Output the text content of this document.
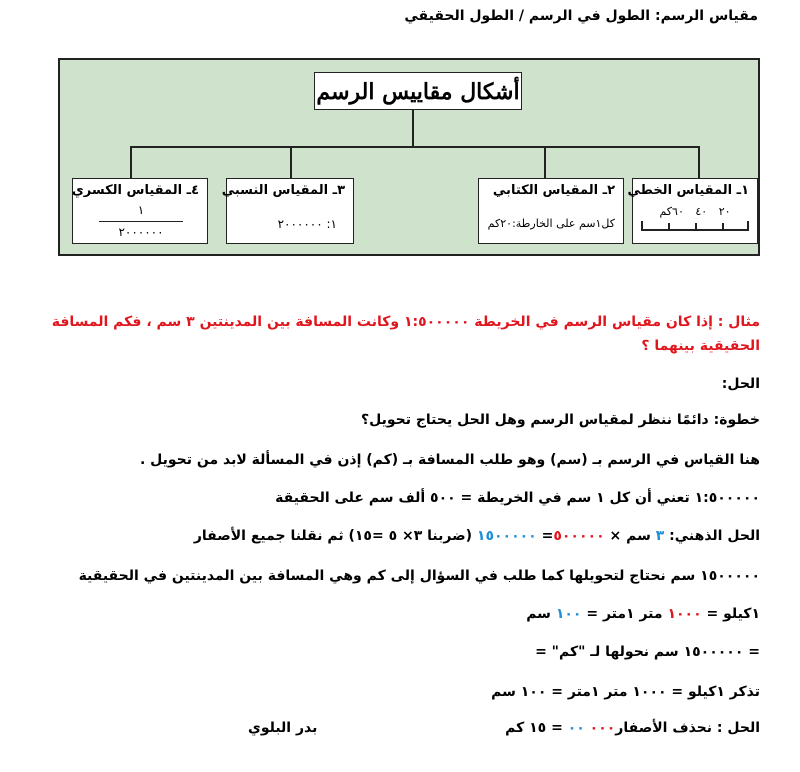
مقياس الرسم: الطول في الرسم / الطول الحقيقي
أشكال مقاييس الرسم
١ـ المقياس الخطي
٢٠ ٤٠ ٦٠كم
٢ـ المقياس الكتابي
كل١سم على الخارطة:٢٠كم
٣ـ المقياس النسبي
١: ٢٠٠٠٠٠٠
٤ـ المقياس الكسري
١
٢٠٠٠٠٠٠
مثال : إذا كان مقياس الرسم في الخريطة ١:٥٠٠٠٠٠ وكانت المسافة بين المدينتين ٣ سم ، فكم المسافة
الحقيقية بينهما ؟
الحل:
خطوة: دائمًا ننظر لمقياس الرسم وهل الحل يحتاج تحويل؟
هنا القياس في الرسم بـ (سم) وهو طلب المسافة بـ (كم) إذن في المسألة لابد من تحويل .
١:٥٠٠٠٠٠ تعني أن كل ١ سم في الخريطة = ٥٠٠ ألف سم على الحقيقة
الحل الذهني: ٣ سم × ٥٠٠٠٠٠= ١٥٠٠٠٠٠ (ضربنا ٣× ٥ =١٥) ثم نقلنا جميع الأصفار
١٥٠٠٠٠٠ سم نحتاج لتحويلها كما طلب في السؤال إلى كم وهي المسافة بين المدينتين في الحقيقية
١كيلو = ١٠٠٠ متر ١متر = ١٠٠ سم
= ١٥٠٠٠٠٠ سم نحولها لـ "كم" =
تذكر ١كيلو = ١٠٠٠ متر ١متر = ١٠٠ سم
الحل : نحذف الأصفار٠٠٠ ٠٠ = ١٥ كم
بدر البلوي
